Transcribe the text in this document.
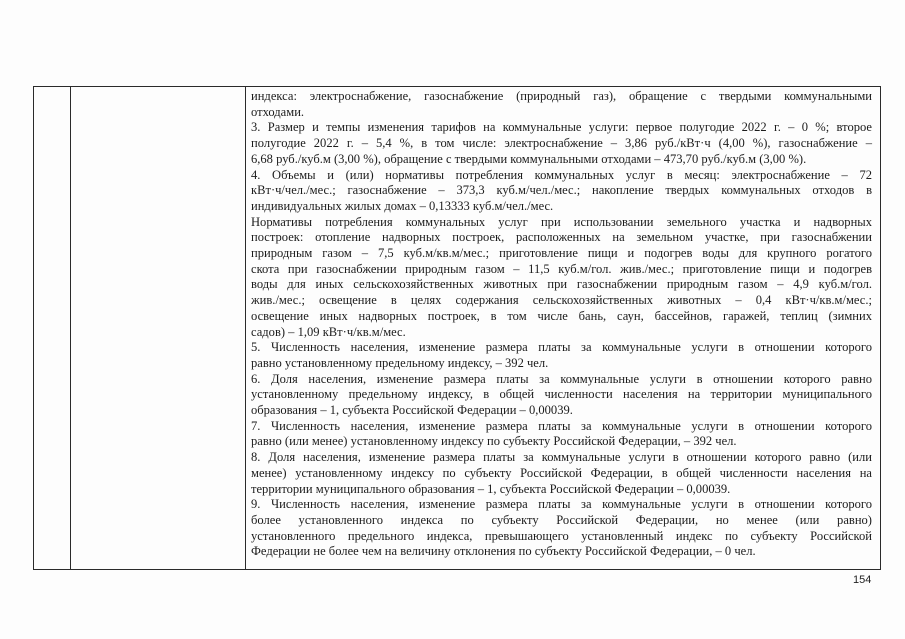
индекса: электроснабжение, газоснабжение (природный газ), обращение с твердыми коммунальными
отходами.
3. Размер и темпы изменения тарифов на коммунальные услуги: первое полугодие 2022 г. – 0 %; второе
полугодие 2022 г. – 5,4 %, в том числе: электроснабжение – 3,86 руб./кВт·ч (4,00 %), газоснабжение –
6,68 руб./куб.м (3,00 %), обращение с твердыми коммунальными отходами – 473,70 руб./куб.м (3,00 %).
4. Объемы и (или) нормативы потребления коммунальных услуг в месяц: электроснабжение – 72
кВт·ч/чел./мес.; газоснабжение – 373,3 куб.м/чел./мес.; накопление твердых коммунальных отходов в
индивидуальных жилых домах – 0,13333 куб.м/чел./мес.
Нормативы потребления коммунальных услуг при использовании земельного участка и надворных
построек: отопление надворных построек, расположенных на земельном участке, при газоснабжении
природным газом – 7,5 куб.м/кв.м/мес.; приготовление пищи и подогрев воды для крупного рогатого
скота при газоснабжении природным газом – 11,5 куб.м/гол. жив./мес.; приготовление пищи и подогрев
воды для иных сельскохозяйственных животных при газоснабжении природным газом – 4,9 куб.м/гол.
жив./мес.; освещение в целях содержания сельскохозяйственных животных – 0,4 кВт·ч/кв.м/мес.;
освещение иных надворных построек, в том числе бань, саун, бассейнов, гаражей, теплиц (зимних
садов) – 1,09 кВт·ч/кв.м/мес.
5. Численность населения, изменение размера платы за коммунальные услуги в отношении которого
равно установленному предельному индексу, – 392 чел.
6. Доля населения, изменение размера платы за коммунальные услуги в отношении которого равно
установленному предельному индексу, в общей численности населения на территории муниципального
образования – 1, субъекта Российской Федерации – 0,00039.
7. Численность населения, изменение размера платы за коммунальные услуги в отношении которого
равно (или менее) установленному индексу по субъекту Российской Федерации, – 392 чел.
8. Доля населения, изменение размера платы за коммунальные услуги в отношении которого равно (или
менее) установленному индексу по субъекту Российской Федерации, в общей численности населения на
территории муниципального образования – 1, субъекта Российской Федерации – 0,00039.
9. Численность населения, изменение размера платы за коммунальные услуги в отношении которого
более установленного индекса по субъекту Российской Федерации, но менее (или равно)
установленного предельного индекса, превышающего установленный индекс по субъекту Российской
Федерации не более чем на величину отклонения по субъекту Российской Федерации, – 0 чел.
154
